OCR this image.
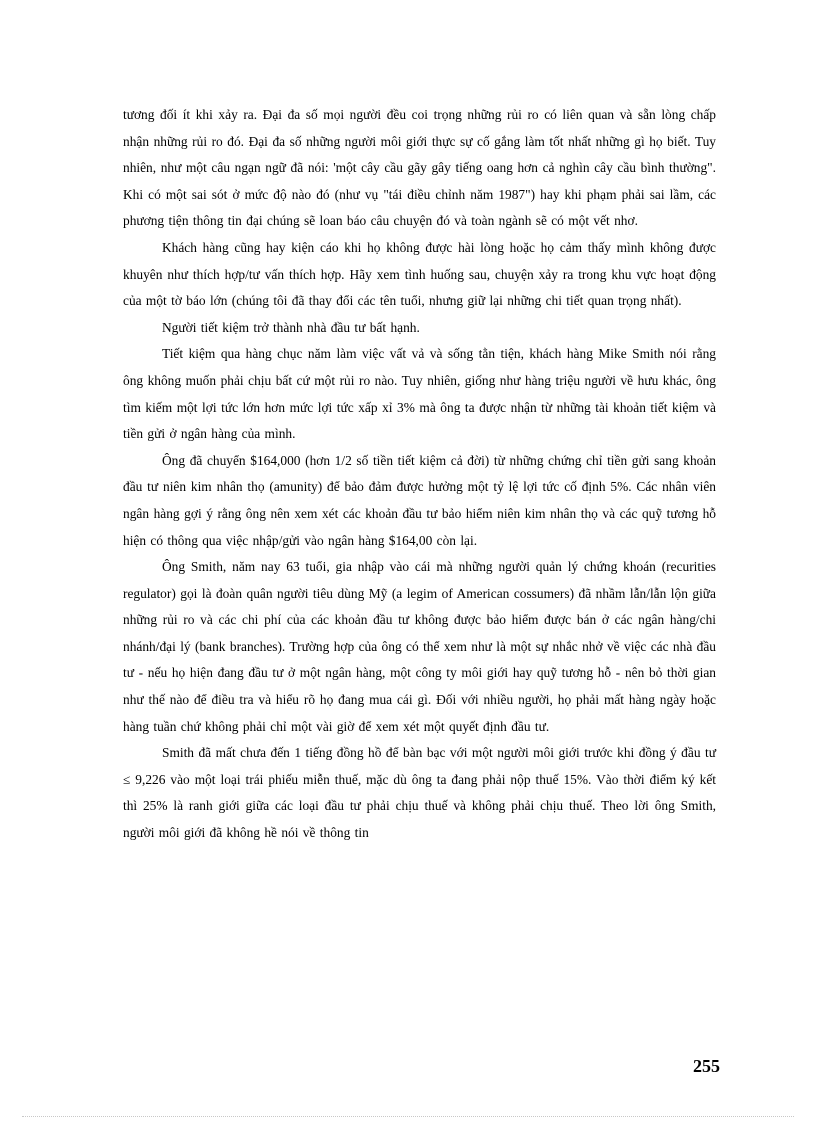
tương đối ít khi xảy ra. Đại đa số mọi người đều coi trọng những rủi ro có liên quan và sẵn lòng chấp nhận những rủi ro đó. Đại đa số những người môi giới thực sự cố gắng làm tốt nhất những gì họ biết. Tuy nhiên, như một câu ngạn ngữ đã nói: 'một cây cầu gãy gây tiếng oang hơn cả nghìn cây cầu bình thường". Khi có một sai sót ở mức độ nào đó (như vụ "tái điều chỉnh năm 1987") hay khi phạm phải sai lầm, các phương tiện thông tin đại chúng sẽ loan báo câu chuyện đó và toàn ngành sẽ có một vết nhơ.

Khách hàng cũng hay kiện cáo khi họ không được hài lòng hoặc họ cảm thấy mình không được khuyên như thích hợp/tư vấn thích hợp. Hãy xem tình huống sau, chuyện xảy ra trong khu vực hoạt động của một tờ báo lớn (chúng tôi đã thay đổi các tên tuổi, nhưng giữ lại những chi tiết quan trọng nhất).

Người tiết kiệm trở thành nhà đầu tư bất hạnh.

Tiết kiệm qua hàng chục năm làm việc vất vả và sống tằn tiện, khách hàng Mike Smith nói rằng ông không muốn phải chịu bất cứ một rủi ro nào. Tuy nhiên, giống như hàng triệu người về hưu khác, ông tìm kiếm một lợi tức lớn hơn mức lợi tức xấp xỉ 3% mà ông ta được nhận từ những tài khoản tiết kiệm và tiền gửi ở ngân hàng của mình.

Ông đã chuyển $164,000 (hơn 1/2 số tiền tiết kiệm cả đời) từ những chứng chỉ tiền gửi sang khoản đầu tư niên kim nhân thọ (amunity) để bảo đảm được hưởng một tỷ lệ lợi tức cố định 5%. Các nhân viên ngân hàng gợi ý rằng ông nên xem xét các khoản đầu tư bảo hiểm niên kim nhân thọ và các quỹ tương hỗ hiện có thông qua việc nhập/gửi vào ngân hàng $164,00 còn lại.

Ông Smith, năm nay 63 tuổi, gia nhập vào cái mà những người quản lý chứng khoán (recurities regulator) gọi là đoàn quân người tiêu dùng Mỹ (a legim of American cossumers) đã nhầm lẫn/lẫn lộn giữa những rủi ro và các chi phí của các khoản đầu tư không được bảo hiểm được bán ở các ngân hàng/chi nhánh/đại lý (bank branches). Trường hợp của ông có thể xem như là một sự nhắc nhở về việc các nhà đầu tư - nếu họ hiện đang đầu tư ở một ngân hàng, một công ty môi giới hay quỹ tương hỗ - nên bỏ thời gian như thế nào để điều tra và hiểu rõ họ đang mua cái gì. Đối với nhiều người, họ phải mất hàng ngày hoặc hàng tuần chứ không phải chỉ một vài giờ để xem xét một quyết định đầu tư.

Smith đã mất chưa đến 1 tiếng đồng hồ để bàn bạc với một người môi giới trước khi đồng ý đầu tư ≤ 9,226 vào một loại trái phiếu miễn thuế, mặc dù ông ta đang phải nộp thuế 15%. Vào thời điểm ký kết thì 25% là ranh giới giữa các loại đầu tư phải chịu thuế và không phải chịu thuế. Theo lời ông Smith, người môi giới đã không hề nói về thông tin

255
